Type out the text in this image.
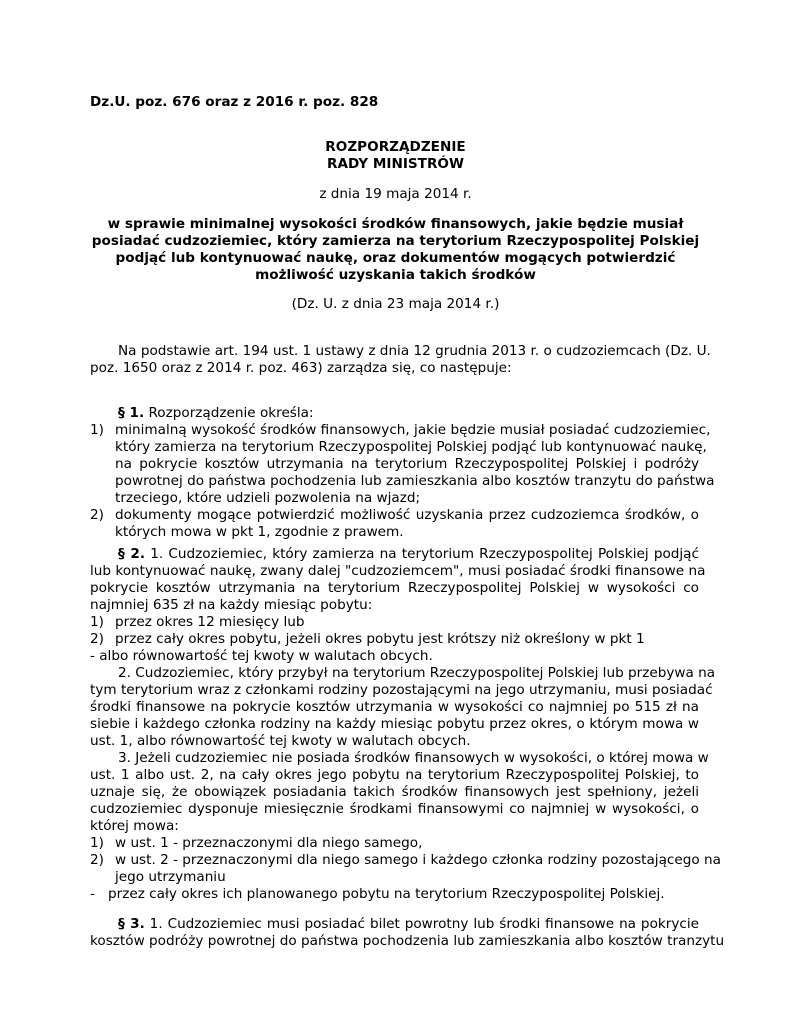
Dz.U. poz. 676 oraz z 2016 r. poz. 828
ROZPORZĄDZENIE
RADY MINISTRÓW
z dnia 19 maja 2014 r.
w sprawie minimalnej wysokości środków finansowych, jakie będzie musiał
posiadać cudzoziemiec, który zamierza na terytorium Rzeczypospolitej Polskiej
podjąć lub kontynuować naukę, oraz dokumentów mogących potwierdzić
możliwość uzyskania takich środków
(Dz. U. z dnia 23 maja 2014 r.)
Na podstawie art. 194 ust. 1 ustawy z dnia 12 grudnia 2013 r. o cudzoziemcach (Dz. U.
poz. 1650 oraz z 2014 r. poz. 463) zarządza się, co następuje:
§ 1. Rozporządzenie określa:
1) minimalną wysokość środków finansowych, jakie będzie musiał posiadać cudzoziemiec,
który zamierza na terytorium Rzeczypospolitej Polskiej podjąć lub kontynuować naukę,
na pokrycie kosztów utrzymania na terytorium Rzeczypospolitej Polskiej i podróży
powrotnej do państwa pochodzenia lub zamieszkania albo kosztów tranzytu do państwa
trzeciego, które udzieli pozwolenia na wjazd;
2) dokumenty mogące potwierdzić możliwość uzyskania przez cudzoziemca środków, o
których mowa w pkt 1, zgodnie z prawem.
§ 2. 1. Cudzoziemiec, który zamierza na terytorium Rzeczypospolitej Polskiej podjąć
lub kontynuować naukę, zwany dalej "cudzoziemcem", musi posiadać środki finansowe na
pokrycie kosztów utrzymania na terytorium Rzeczypospolitej Polskiej w wysokości co
najmniej 635 zł na każdy miesiąc pobytu:
1) przez okres 12 miesięcy lub
2) przez cały okres pobytu, jeżeli okres pobytu jest krótszy niż określony w pkt 1
- albo równowartość tej kwoty w walutach obcych.
2. Cudzoziemiec, który przybył na terytorium Rzeczypospolitej Polskiej lub przebywa na
tym terytorium wraz z członkami rodziny pozostającymi na jego utrzymaniu, musi posiadać
środki finansowe na pokrycie kosztów utrzymania w wysokości co najmniej po 515 zł na
siebie i każdego członka rodziny na każdy miesiąc pobytu przez okres, o którym mowa w
ust. 1, albo równowartość tej kwoty w walutach obcych.
3. Jeżeli cudzoziemiec nie posiada środków finansowych w wysokości, o której mowa w
ust. 1 albo ust. 2, na cały okres jego pobytu na terytorium Rzeczypospolitej Polskiej, to
uznaje się, że obowiązek posiadania takich środków finansowych jest spełniony, jeżeli
cudzoziemiec dysponuje miesięcznie środkami finansowymi co najmniej w wysokości, o
której mowa:
1) w ust. 1 - przeznaczonymi dla niego samego,
2) w ust. 2 - przeznaczonymi dla niego samego i każdego członka rodziny pozostającego na
jego utrzymaniu
- przez cały okres ich planowanego pobytu na terytorium Rzeczypospolitej Polskiej.
§ 3. 1. Cudzoziemiec musi posiadać bilet powrotny lub środki finansowe na pokrycie
kosztów podróży powrotnej do państwa pochodzenia lub zamieszkania albo kosztów tranzytu
